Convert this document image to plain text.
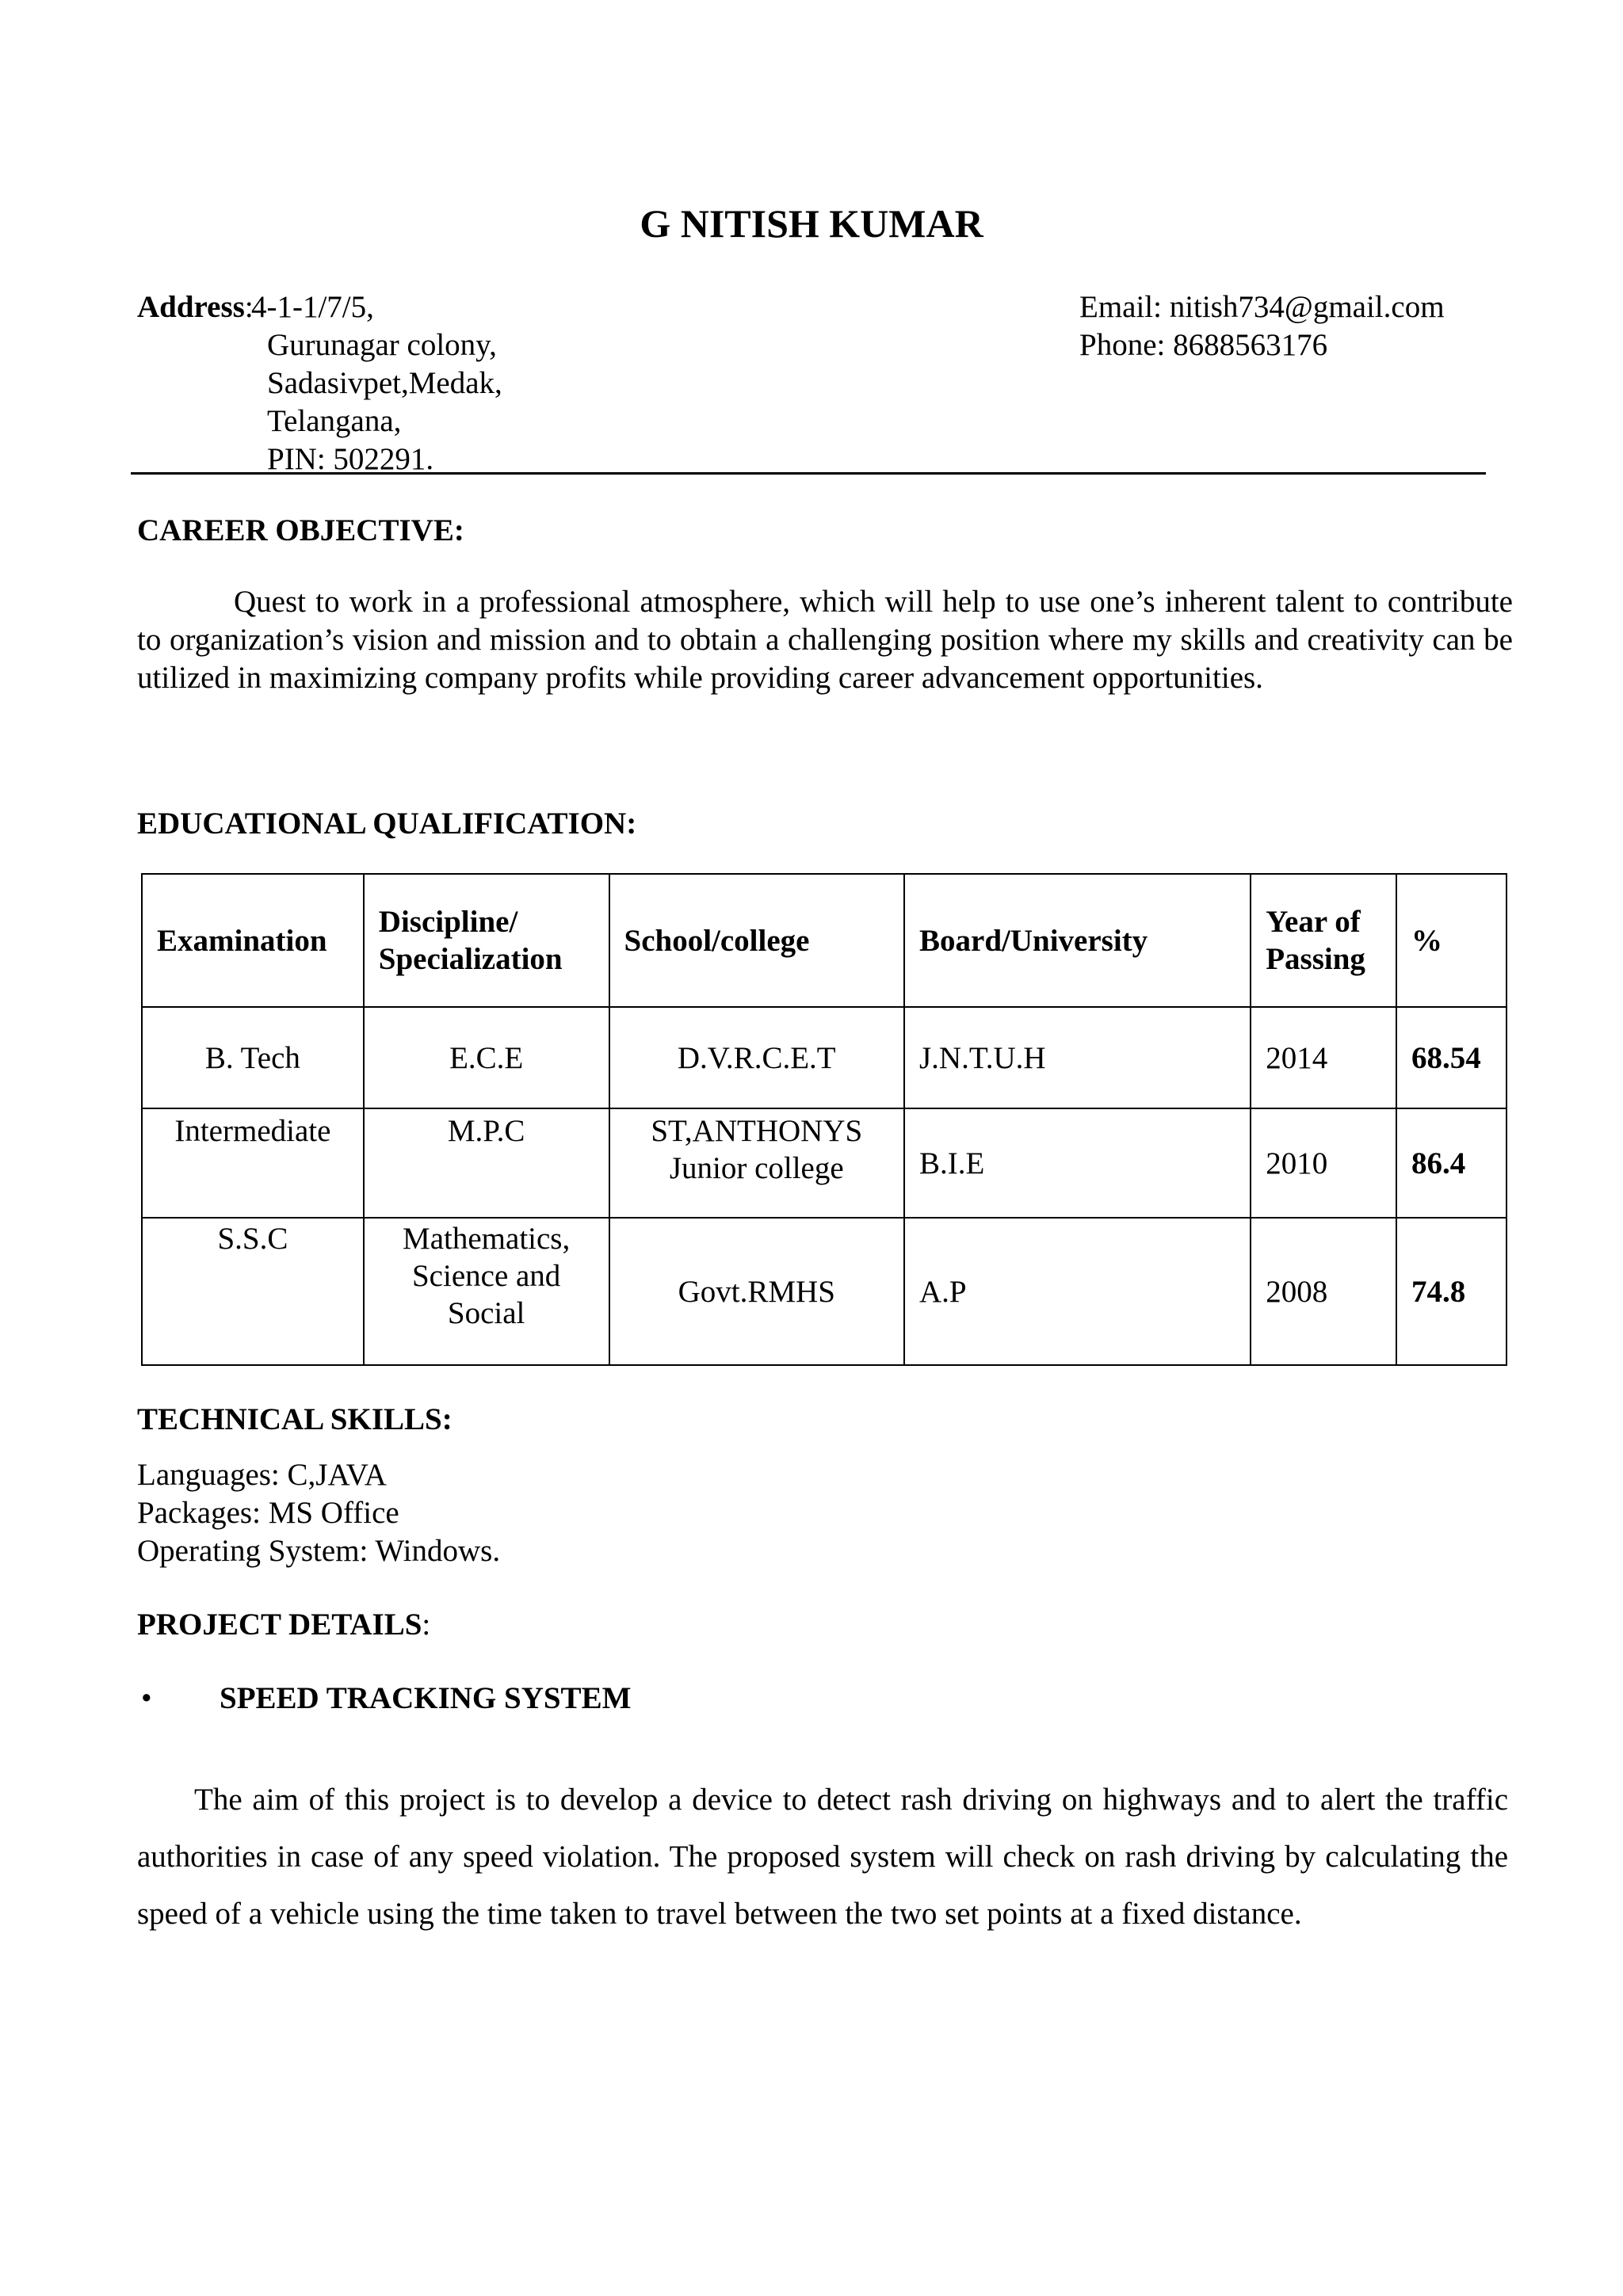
G NITISH KUMAR
Address:
4-1-1/7/5,
Gurunagar colony,
Sadasivpet,Medak,
Telangana,
PIN: 502291.
Email: nitish734@gmail.com
Phone: 8688563176
CAREER OBJECTIVE:
Quest to work in a professional atmosphere, which will help to use one’s inherent talent to contribute to organization’s vision and mission and to obtain a challenging position where my skills and creativity can be utilized in maximizing company profits while providing career advancement opportunities.
EDUCATIONAL QUALIFICATION:
Examination	Discipline/ Specialization	School/college	Board/University	Year of Passing	%
B. Tech	E.C.E	D.V.R.C.E.T	J.N.T.U.H	2014	68.54
Intermediate	M.P.C	ST,ANTHONYS Junior college	B.I.E	2010	86.4
S.S.C	Mathematics, Science and Social	Govt.RMHS	A.P	2008	74.8
TECHNICAL SKILLS:
Languages: C,JAVA
Packages: MS Office
Operating System: Windows.
PROJECT DETAILS:
• SPEED TRACKING SYSTEM
The aim of this project is to develop a device to detect rash driving on highways and to alert the traffic authorities in case of any speed violation. The proposed system will check on rash driving by calculating the speed of a vehicle using the time taken to travel between the two set points at a fixed distance.
